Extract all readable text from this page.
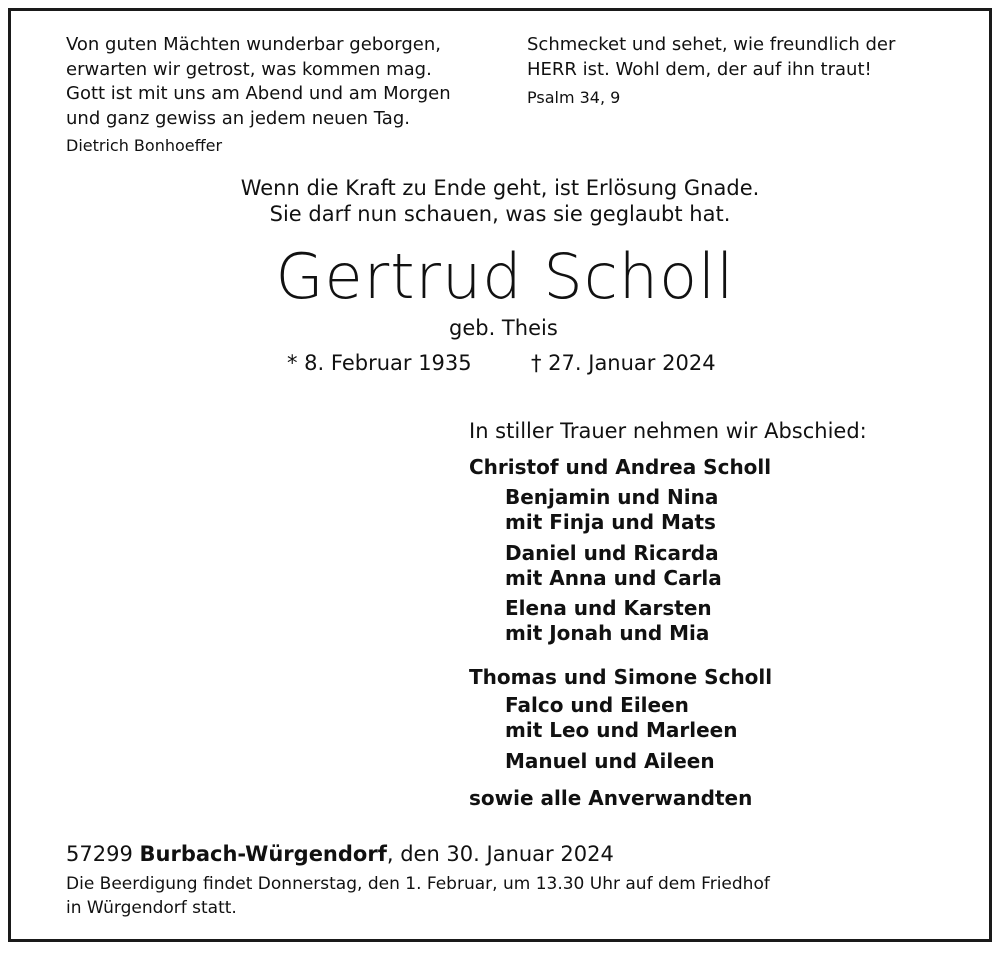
Von guten Mächten wunderbar geborgen,
erwarten wir getrost, was kommen mag.
Gott ist mit uns am Abend und am Morgen
und ganz gewiss an jedem neuen Tag.
Dietrich Bonhoeffer
Schmecket und sehet, wie freundlich der
HERR ist. Wohl dem, der auf ihn traut!
Psalm 34, 9
Wenn die Kraft zu Ende geht, ist Erlösung Gnade.
Sie darf nun schauen, was sie geglaubt hat.
Gertrud Scholl
geb. Theis
* 8. Februar 1935	† 27. Januar 2024
In stiller Trauer nehmen wir Abschied:
Christof und Andrea Scholl
Benjamin und Nina
mit Finja und Mats
Daniel und Ricarda
mit Anna und Carla
Elena und Karsten
mit Jonah und Mia
Thomas und Simone Scholl
Falco und Eileen
mit Leo und Marleen
Manuel und Aileen
sowie alle Anverwandten
57299 Burbach-Würgendorf, den 30. Januar 2024
Die Beerdigung findet Donnerstag, den 1. Februar, um 13.30 Uhr auf dem Friedhof
in Würgendorf statt.
